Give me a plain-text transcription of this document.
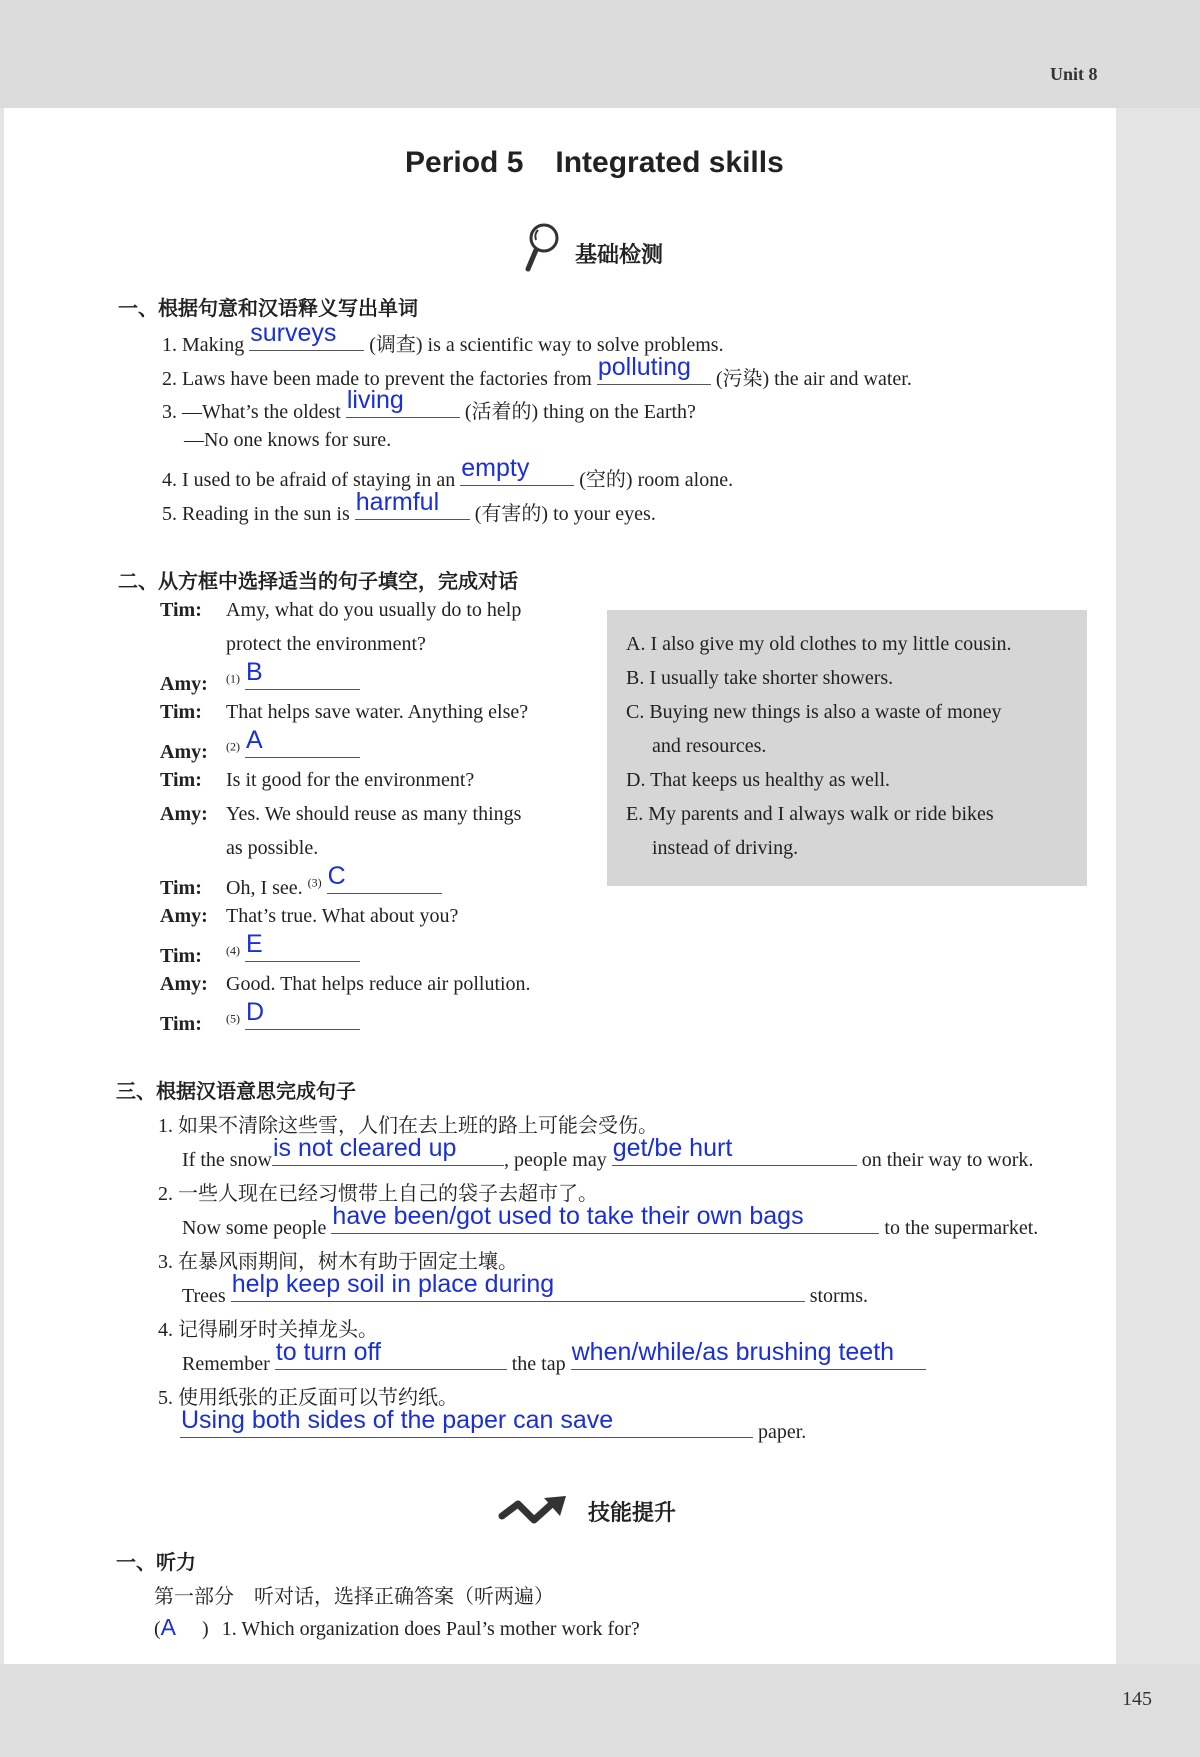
Unit 8
145
Period 5 Integrated skills
基础检测
一、根据句意和汉语释义写出单词
1. Making surveys (调查) is a scientific way to solve problems.
2. Laws have been made to prevent the factories from polluting (污染) the air and water.
3. —What’s the oldest living	(活着的) thing on the Earth?
—No one knows for sure.
4. I used to be afraid of staying in an empty (空的) room alone.
5. Reading in the sun is harmful (有害的) to your eyes.
二、从方框中选择适当的句子填空，完成对话
A. I also give my old clothes to my little cousin.
B. I usually take shorter showers.
C. Buying new things is also a waste of money
and resources.
D. That keeps us healthy as well.
E. My parents and I always walk or ride bikes
instead of driving.
Tim: Amy, what do you usually do to help
protect the environment?
Amy: $^{(1)}$ B
Tim: That helps save water. Anything else?
Amy: $^{(2)}$ A
Tim: Is it good for the environment?
Amy: Yes. We should reuse as many things
as possible.
Tim: Oh, I see. $^{(3)}$ C
Amy: That’s true. What about you?
Tim: $^{(4)}$ E
Amy: Good. That helps reduce air pollution.
Tim: $^{(5)}$ D
三、根据汉语意思完成句子
1. 如果不清除这些雪，人们在去上班的路上可能会受伤。
If the snow is not cleared up , people may get/be hurt	on their way to work.
2. 一些人现在已经习惯带上自己的袋子去超市了。
Now some people have been/got used to take their own bags	to the supermarket.
3. 在暴风雨期间，树木有助于固定土壤。
Trees help keep soil in place during	storms.
4. 记得刷牙时关掉龙头。
Remember to turn off	the tap when/while/as brushing teeth
5. 使用纸张的正反面可以节约纸。
Using both sides of the paper can save	paper.
技能提升
一、听力
第一部分　听对话，选择正确答案（听两遍）
(A ) 1. Which organization does Paul’s mother work for?
